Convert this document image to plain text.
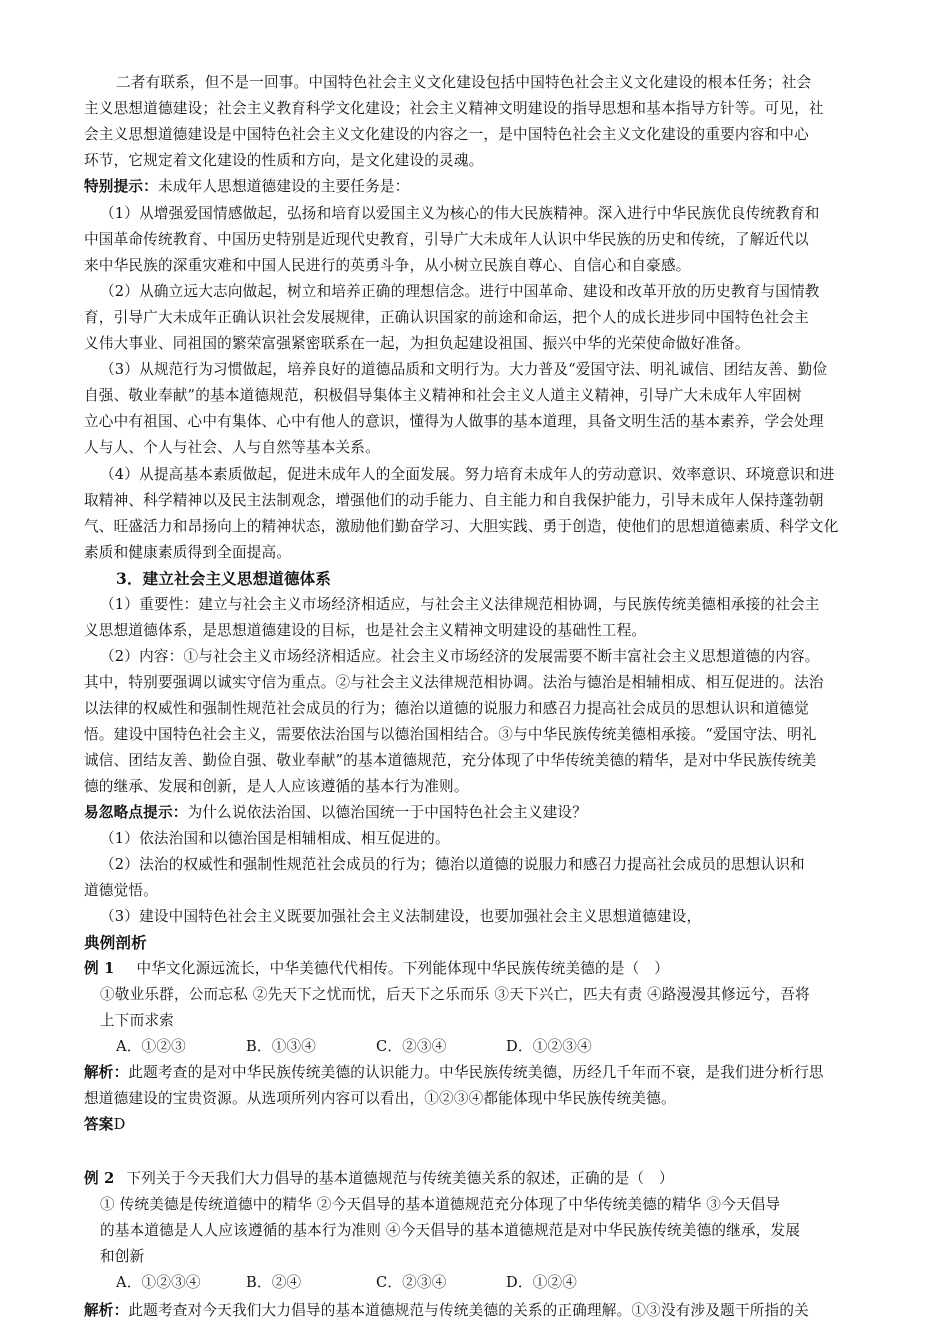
二者有联系，但不是一回事。中国特色社会主义文化建设包括中国特色社会主义文化建设的根本任务；社会
主义思想道德建设；社会主义教育科学文化建设；社会主义精神文明建设的指导思想和基本指导方针等。可见，社
会主义思想道德建设是中国特色社会主义文化建设的内容之一，是中国特色社会主义文化建设的重要内容和中心
环节，它规定着文化建设的性质和方向，是文化建设的灵魂。
特别提示：未成年人思想道德建设的主要任务是：
（1）从增强爱国情感做起，弘扬和培育以爱国主义为核心的伟大民族精神。深入进行中华民族优良传统教育和
中国革命传统教育、中国历史特别是近现代史教育，引导广大未成年人认识中华民族的历史和传统，了解近代以
来中华民族的深重灾难和中国人民进行的英勇斗争，从小树立民族自尊心、自信心和自豪感。
（2）从确立远大志向做起，树立和培养正确的理想信念。进行中国革命、建设和改革开放的历史教育与国情教
育，引导广大未成年正确认识社会发展规律，正确认识国家的前途和命运，把个人的成长进步同中国特色社会主
义伟大事业、同祖国的繁荣富强紧密联系在一起，为担负起建设祖国、振兴中华的光荣使命做好准备。
（3）从规范行为习惯做起，培养良好的道德品质和文明行为。大力普及“爱国守法、明礼诚信、团结友善、勤俭
自强、敬业奉献”的基本道德规范，积极倡导集体主义精神和社会主义人道主义精神，引导广大未成年人牢固树
立心中有祖国、心中有集体、心中有他人的意识，懂得为人做事的基本道理，具备文明生活的基本素养，学会处理
人与人、个人与社会、人与自然等基本关系。
（4）从提高基本素质做起，促进未成年人的全面发展。努力培育未成年人的劳动意识、效率意识、环境意识和进
取精神、科学精神以及民主法制观念，增强他们的动手能力、自主能力和自我保护能力，引导未成年人保持蓬勃朝
气、旺盛活力和昂扬向上的精神状态，激励他们勤奋学习、大胆实践、勇于创造，使他们的思想道德素质、科学文化
素质和健康素质得到全面提高。
3．建立社会主义思想道德体系
（1）重要性：建立与社会主义市场经济相适应，与社会主义法律规范相协调，与民族传统美德相承接的社会主
义思想道德体系，是思想道德建设的目标，也是社会主义精神文明建设的基础性工程。
（2）内容：①与社会主义市场经济相适应。社会主义市场经济的发展需要不断丰富社会主义思想道德的内容。
其中，特别要强调以诚实守信为重点。②与社会主义法律规范相协调。法治与德治是相辅相成、相互促进的。法治
以法律的权威性和强制性规范社会成员的行为；德治以道德的说服力和感召力提高社会成员的思想认识和道德觉
悟。建设中国特色社会主义，需要依法治国与以德治国相结合。③与中华民族传统美德相承接。“爱国守法、明礼
诚信、团结友善、勤俭自强、敬业奉献”的基本道德规范，充分体现了中华传统美德的精华，是对中华民族传统美
德的继承、发展和创新，是人人应该遵循的基本行为准则。
易忽略点提示：为什么说依法治国、以德治国统一于中国特色社会主义建设？
（1）依法治国和以德治国是相辅相成、相互促进的。
（2）法治的权威性和强制性规范社会成员的行为；德治以道德的说服力和感召力提高社会成员的思想认识和
道德觉悟。
（3）建设中国特色社会主义既要加强社会主义法制建设，也要加强社会主义思想道德建设，
典例剖析
例 1 中华文化源远流长，中华美德代代相传。下列能体现中华民族传统美德的是（　）
①敬业乐群，公而忘私 ②先天下之忧而忧，后天下之乐而乐 ③天下兴亡，匹夫有责 ④路漫漫其修远兮，吾将
上下而求索
A．①②③	B．①③④	C．②③④	D．①②③④
解析：此题考查的是对中华民族传统美德的认识能力。中华民族传统美德，历经几千年而不衰，是我们进分析行思
想道德建设的宝贵资源。从选项所列内容可以看出，①②③④都能体现中华民族传统美德。
答案D
例 2 下列关于今天我们大力倡导的基本道德规范与传统美德关系的叙述，正确的是（　）
① 传统美德是传统道德中的精华 ②今天倡导的基本道德规范充分体现了中华传统美德的精华 ③今天倡导
的基本道德是人人应该遵循的基本行为准则 ④今天倡导的基本道德规范是对中华民族传统美德的继承，发展
和创新
A．①②③④	B．②④	C．②③④	D．①②④
解析：此题考查对今天我们大力倡导的基本道德规范与传统美德的关系的正确理解。①③没有涉及题干所指的关
